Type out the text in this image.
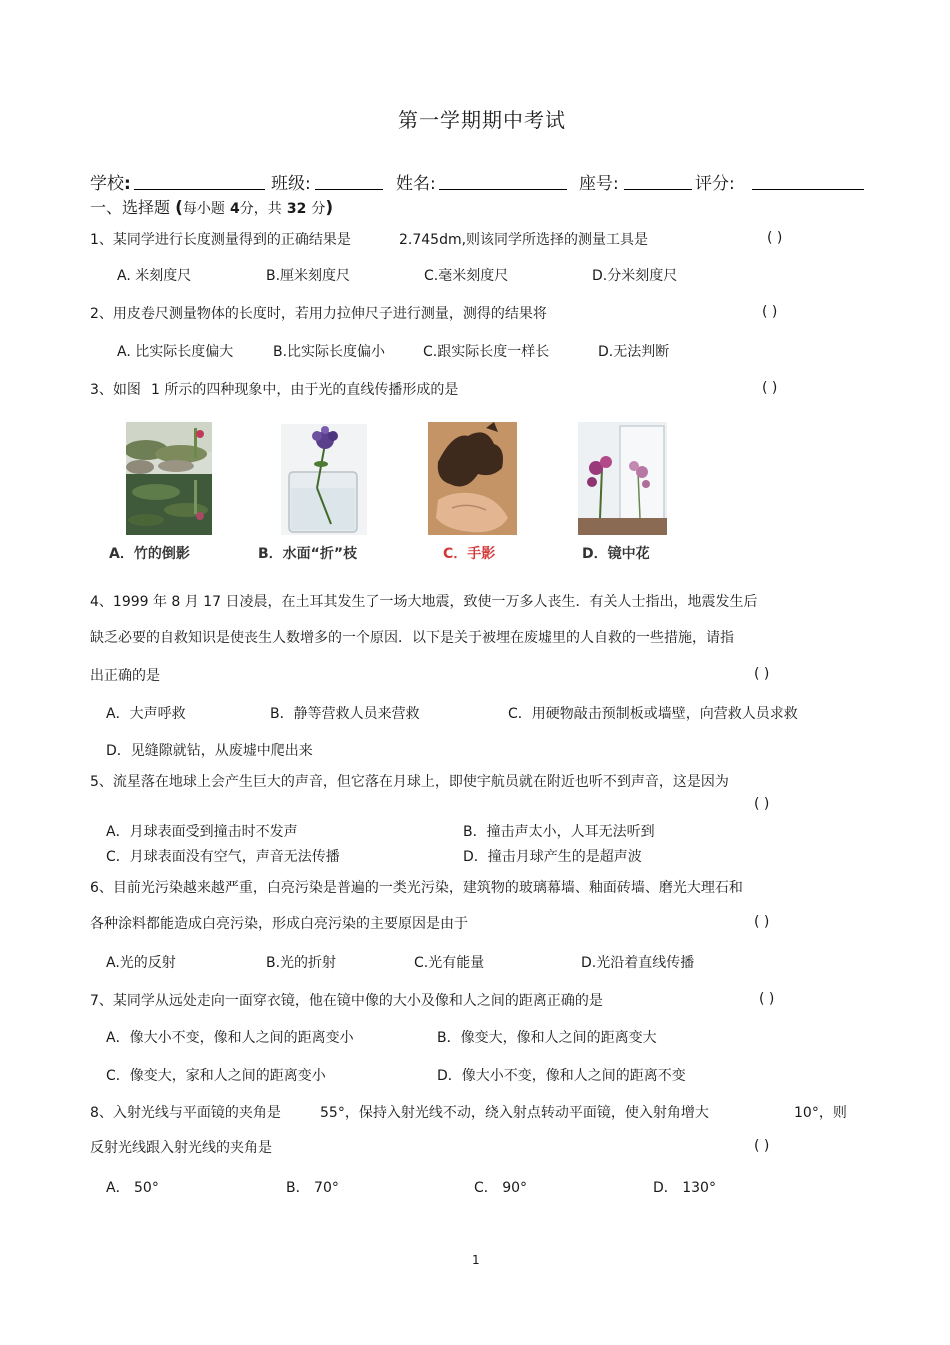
第一学期期中考试
学校:	班级:	姓名:	座号:	评分:
一、选择题 (每小题 4分，共 32 分)
1、某同学进行长度测量得到的正确结果是	2.745dm,则该同学所选择的测量工具是	( )
A. 米刻度尺	B.厘米刻度尺	C.毫米刻度尺	D.分米刻度尺
2、用皮卷尺测量物体的长度时，若用力拉伸尺子进行测量，测得的结果将	( )
A. 比实际长度偏大	B.比实际长度偏小	C.跟实际长度一样长	D.无法判断
3、如图 1 所示的四种现象中，由于光的直线传播形成的是	( )
A．竹的倒影	B．水面“折”枝	C．手影	D．镜中花
4、1999 年 8 月 17 日凌晨，在土耳其发生了一场大地震，致使一万多人丧生．有关人士指出，地震发生后
缺乏必要的自救知识是使丧生人数增多的一个原因．以下是关于被埋在废墟里的人自救的一些措施，请指
出正确的是	( )
A．大声呼救	B．静等营救人员来营救	C．用硬物敲击预制板或墙壁，向营救人员求救
D．见缝隙就钻，从废墟中爬出来
5、流星落在地球上会产生巨大的声音，但它落在月球上，即使宇航员就在附近也听不到声音，这是因为
( )
A．月球表面受到撞击时不发声	B．撞击声太小，人耳无法听到
C．月球表面没有空气，声音无法传播	D．撞击月球产生的是超声波
6、目前光污染越来越严重，白亮污染是普遍的一类光污染，建筑物的玻璃幕墙、釉面砖墙、磨光大理石和
各种涂料都能造成白亮污染，形成白亮污染的主要原因是由于	( )
A.光的反射	B.光的折射	C.光有能量	D.光沿着直线传播
7、某同学从远处走向一面穿衣镜，他在镜中像的大小及像和人之间的距离正确的是	( )
A．像大小不变，像和人之间的距离变小	B．像变大，像和人之间的距离变大
C．像变大，家和人之间的距离变小	D．像大小不变，像和人之间的距离不变
8、入射光线与平面镜的夹角是	55°，保持入射光线不动，绕入射点转动平面镜，使入射角增大	10°，则
反射光线跟入射光线的夹角是	( )
A． 50°	B． 70°	C． 90°	D． 130°
1
